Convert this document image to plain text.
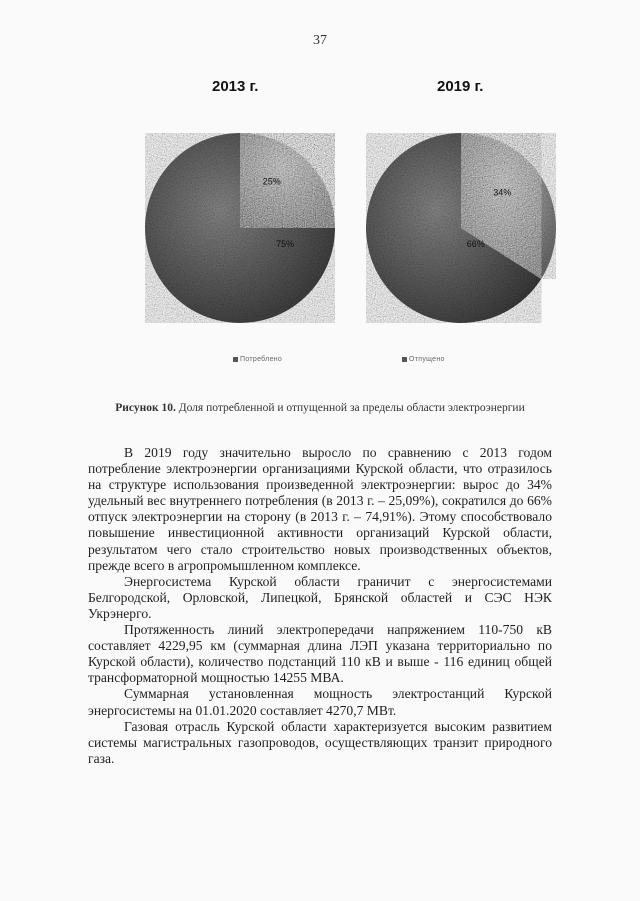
37
2013 г.	2019 г.
25%
75%
34%
66%
Потреблено	Отпущено
Рисунок 10. Доля потребленной и отпущенной за пределы области электроэнергии

В 2019 году значительно выросло по сравнению с 2013 годом потребление электроэнергии организациями Курской области, что отразилось на структуре использования произведенной электроэнергии: вырос до 34% удельный вес внутреннего потребления (в 2013 г. – 25,09%), сократился до 66% отпуск электроэнергии на сторону (в 2013 г. – 74,91%). Этому способствовало повышение инвестиционной активности организаций Курской области, результатом чего стало строительство новых производственных объектов, прежде всего в агропромышленном комплексе.

Энергосистема Курской области граничит с энергосистемами Белгородской, Орловской, Липецкой, Брянской областей и СЭС НЭК Укрэнерго.

Протяженность линий электропередачи напряжением 110-750 кВ составляет 4229,95 км (суммарная длина ЛЭП указана территориально по Курской области), количество подстанций 110 кВ и выше - 116 единиц общей трансформаторной мощностью 14255 МВА.

Суммарная установленная мощность электростанций Курской энергосистемы на 01.01.2020 составляет 4270,7 МВт.

Газовая отрасль Курской области характеризуется высоким развитием системы магистральных газопроводов, осуществляющих транзит природного газа.
